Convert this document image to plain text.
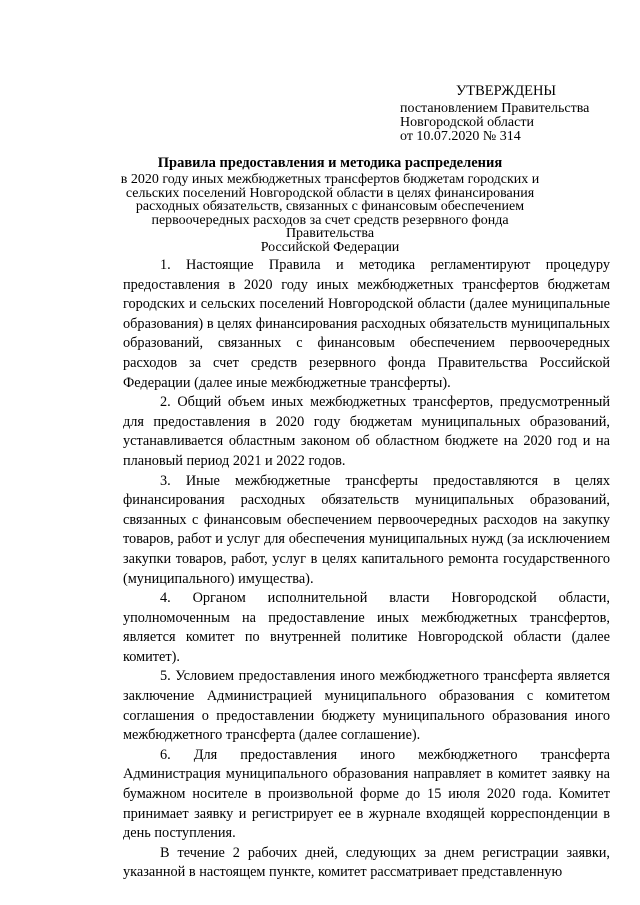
УТВЕРЖДЕНЫ
постановлением Правительства
Новгородской области
от 10.07.2020 № 314
Правила предоставления и методика распределения
в 2020 году иных межбюджетных трансфертов бюджетам городских и
сельских поселений Новгородской области в целях финансирования
расходных обязательств, связанных с финансовым обеспечением
первоочередных расходов за счет средств резервного фонда Правительства
Российской Федерации

1. Настоящие Правила и методика регламентируют процедуру предоставления в 2020 году иных межбюджетных трансфертов бюджетам городских и сельских поселений Новгородской области (далее муниципальные образования) в целях финансирования расходных обязательств муниципальных образований, связанных с финансовым обеспечением первоочередных расходов за счет средств резервного фонда Правительства Российской Федерации (далее иные межбюджетные трансферты).

2. Общий объем иных межбюджетных трансфертов, предусмотренный для предоставления в 2020 году бюджетам муниципальных образований, устанавливается областным законом об областном бюджете на 2020 год и на плановый период 2021 и 2022 годов.

3. Иные межбюджетные трансферты предоставляются в целях финансирования расходных обязательств муниципальных образований, связанных с финансовым обеспечением первоочередных расходов на закупку товаров, работ и услуг для обеспечения муниципальных нужд (за исключением закупки товаров, работ, услуг в целях капитального ремонта государственного (муниципального) имущества).

4. Органом исполнительной власти Новгородской области, уполномоченным на предоставление иных межбюджетных трансфертов, является комитет по внутренней политике Новгородской области (далее комитет).

5. Условием предоставления иного межбюджетного трансферта является заключение Администрацией муниципального образования с комитетом соглашения о предоставлении бюджету муниципального образования иного межбюджетного трансферта (далее соглашение).

6. Для предоставления иного межбюджетного трансферта Администрация муниципального образования направляет в комитет заявку на бумажном носителе в произвольной форме до 15 июля 2020 года. Комитет принимает заявку и регистрирует ее в журнале входящей корреспонденции в день поступления.

В течение 2 рабочих дней, следующих за днем регистрации заявки, указанной в настоящем пункте, комитет рассматривает представленную
